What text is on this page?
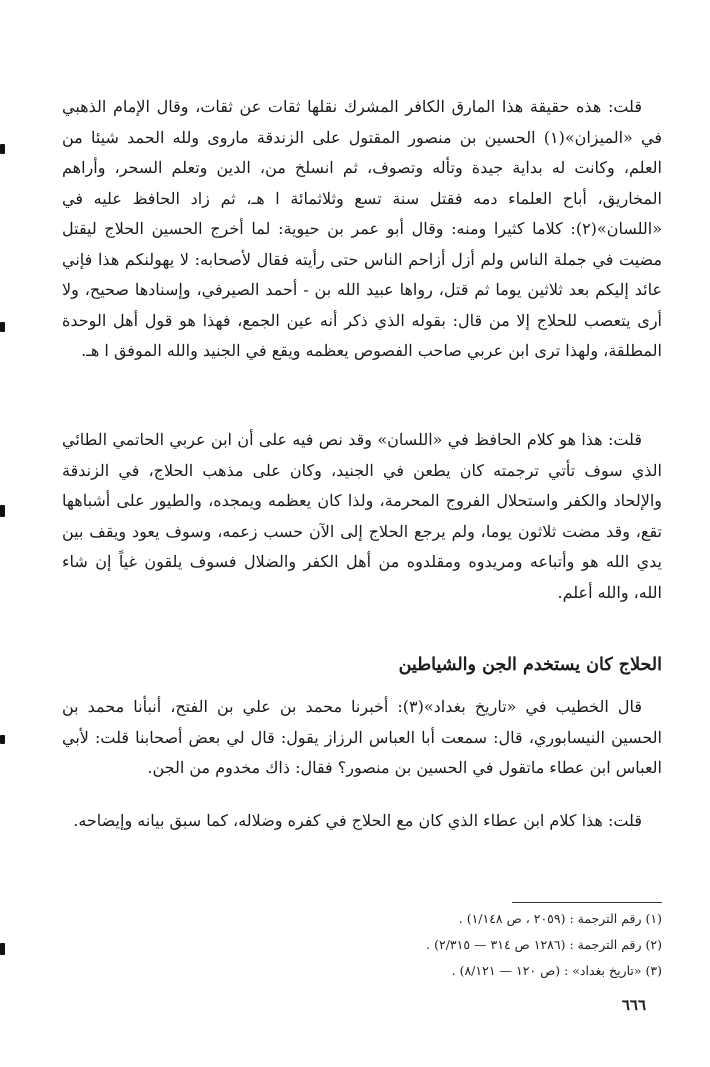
قلت: هذه حقيقة هذا المارق الكافر المشرك نقلها ثقات عن ثقات، وقال الإمام الذهبي في «الميزان»(١) الحسين بن منصور المقتول على الزندقة ماروى ولله الحمد شيئا من العلم، وكانت له بداية جيدة وتأله وتصوف، ثم انسلخ من، الدين وتعلم السحر، وأراهم المخاريق، أباح العلماء دمه فقتل سنة تسع وثلاثمائة ا هـ، ثم زاد الحافظ عليه في «اللسان»(٢): كلاما كثيرا ومنه: وقال أبو عمر بن حيوية: لما أخرج الحسين الحلاج ليقتل مضيت في جملة الناس ولم أزل أزاحم الناس حتى رأيته فقال لأصحابه: لا يهولنكم هذا فإني عائد إليكم بعد ثلاثين يوما ثم قتل، رواها عبيد الله بن - أحمد الصيرفي، وإسنادها صحيح، ولا أرى يتعصب للحلاج إلا من قال: بقوله الذي ذكر أنه عين الجمع، فهذا هو قول أهل الوحدة المطلقة، ولهذا ترى ابن عربي صاحب الفصوص يعظمه ويقع في الجنيد والله الموفق ا هـ.

قلت: هذا هو كلام الحافظ في «اللسان» وقد نص فيه على أن ابن عربي الحاتمي الطائي الذي سوف تأتي ترجمته كان يطعن في الجنيد، وكان على مذهب الحلاج، في الزندقة والإلحاد والكفر واستحلال الفروج المحرمة، ولذا كان يعظمه ويمجده، والطيور على أشباهها تقع، وقد مضت ثلاثون يوما، ولم يرجع الحلاج إلى الآن حسب زعمه، وسوف يعود ويقف بين يدي الله هو وأتباعه ومريدوه ومقلدوه من أهل الكفر والضلال فسوف يلقون غياً إن شاء الله، والله أعلم.

الحلاج كان يستخدم الجن والشياطين

قال الخطيب في «تاريخ بغداد»(٣): أخبرنا محمد بن علي بن الفتح، أنبأنا محمد بن الحسين النيسابوري، قال: سمعت أبا العباس الرزاز يقول: قال لي بعض أصحابنا قلت: لأبي العباس ابن عطاء ماتقول في الحسين بن منصور؟ فقال: ذاك مخدوم من الجن.

قلت: هذا كلام ابن عطاء الذي كان مع الحلاج في كفره وضلاله، كما سبق بيانه وإيضاحه.

(١) رقم الترجمة : (٢٠٥٩ ، ص ١/١٤٨) .

(٢) رقم الترجمة : (١٢٨٦ ص ٣١٤ — ٢/٣١٥) .

(٣) «تاريخ بغداد» : (ص ١٢٠ — ٨/١٢١) .

٦٦٦
